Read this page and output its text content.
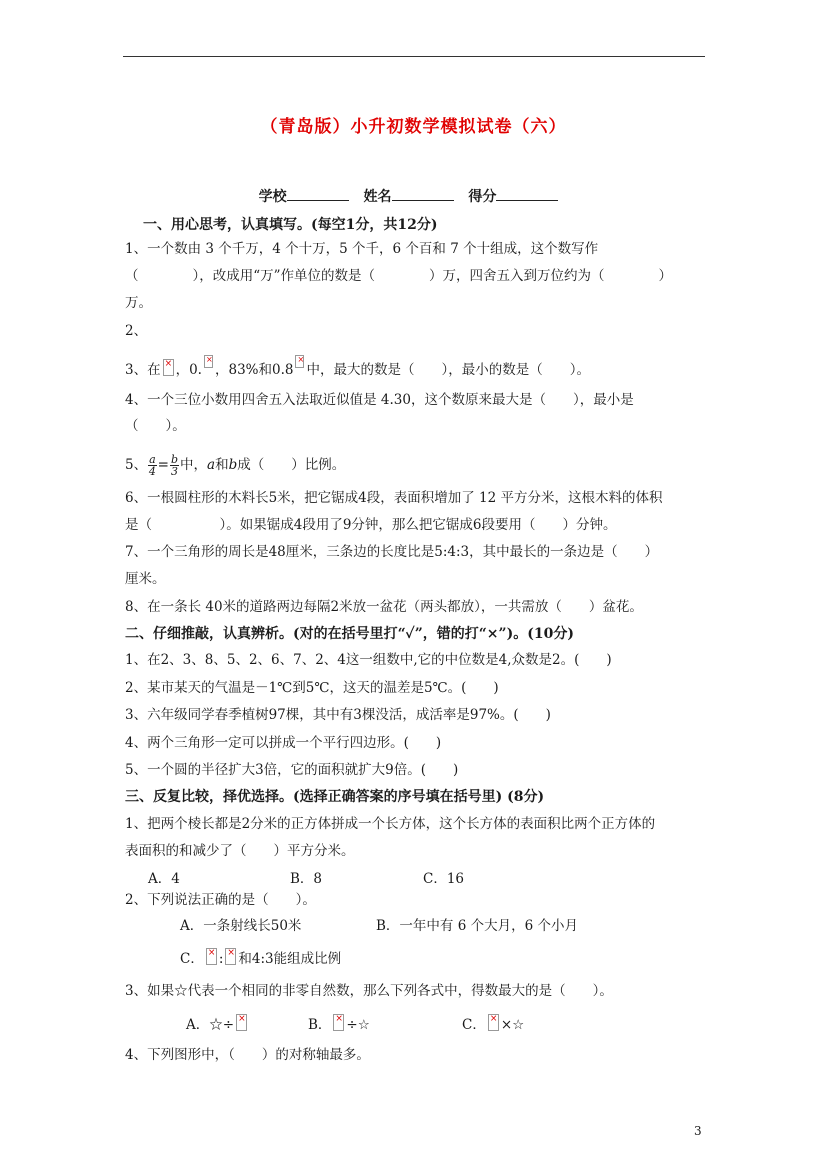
（青岛版）小升初数学模拟试卷（六）
学校	姓名	得分
一、用心思考，认真填写。(每空1分，共12分)
1、一个数由 3 个千万，4 个十万，5 个千，6 个百和 7 个十组成，这个数写作
（　　　　），改成用“万”作单位的数是（　　　　）万，四舍五入到万位约为（　　　　）
万。
2、
3、在 × ，0.× ，83%和0.8× 中，最大的数是（　　），最小的数是（　　）。
4、一个三位小数用四舍五入法取近似值是 4.30，这个数原来最大是（　　），最小是
（　　）。
5、 $\frac{a}{4} = \frac{b}{3}$ 中，a和b成（　　）比例。
6、一根圆柱形的木料长5米，把它锯成4段，表面积增加了 12 平方分米，这根木料的体积
是（　　　　　）。如果锯成4段用了9分钟，那么把它锯成6段要用（　　）分钟。
7、一个三角形的周长是48厘米，三条边的长度比是5:4:3，其中最长的一条边是（　　）
厘米。
8、在一条长 40米的道路两边每隔2米放一盆花（两头都放），一共需放（　　）盆花。
二、仔细推敲，认真辨析。(对的在括号里打“✓”，错的打“×”)。(10分)
1、在2、3、8、5、2、6、7、2、4这一组数中,它的中位数是4,众数是2。(　　)
2、某市某天的气温是－1℃到5℃，这天的温差是5℃。(　　)
3、六年级同学春季植树97棵，其中有3棵没活，成活率是97%。(　　)
4、两个三角形一定可以拼成一个平行四边形。(　　)
5、一个圆的半径扩大3倍，它的面积就扩大9倍。(　　)
三、反复比较，择优选择。(选择正确答案的序号填在括号里) (8分)
1、把两个棱长都是2分米的正方体拼成一个长方体，这个长方体的表面积比两个正方体的
表面积的和减少了（　　）平方分米。
A．4	B．8	C．16
2、下列说法正确的是（　　）。
A．一条射线长50米	B．一年中有 6 个大月，6 个小月
C． × : × 和4:3能组成比例
3、如果☆代表一个相同的非零自然数，那么下列各式中，得数最大的是（　　）。
A．☆÷ ×	B． × ÷☆	C． × ×☆
4、下列图形中，（　　）的对称轴最多。
3
